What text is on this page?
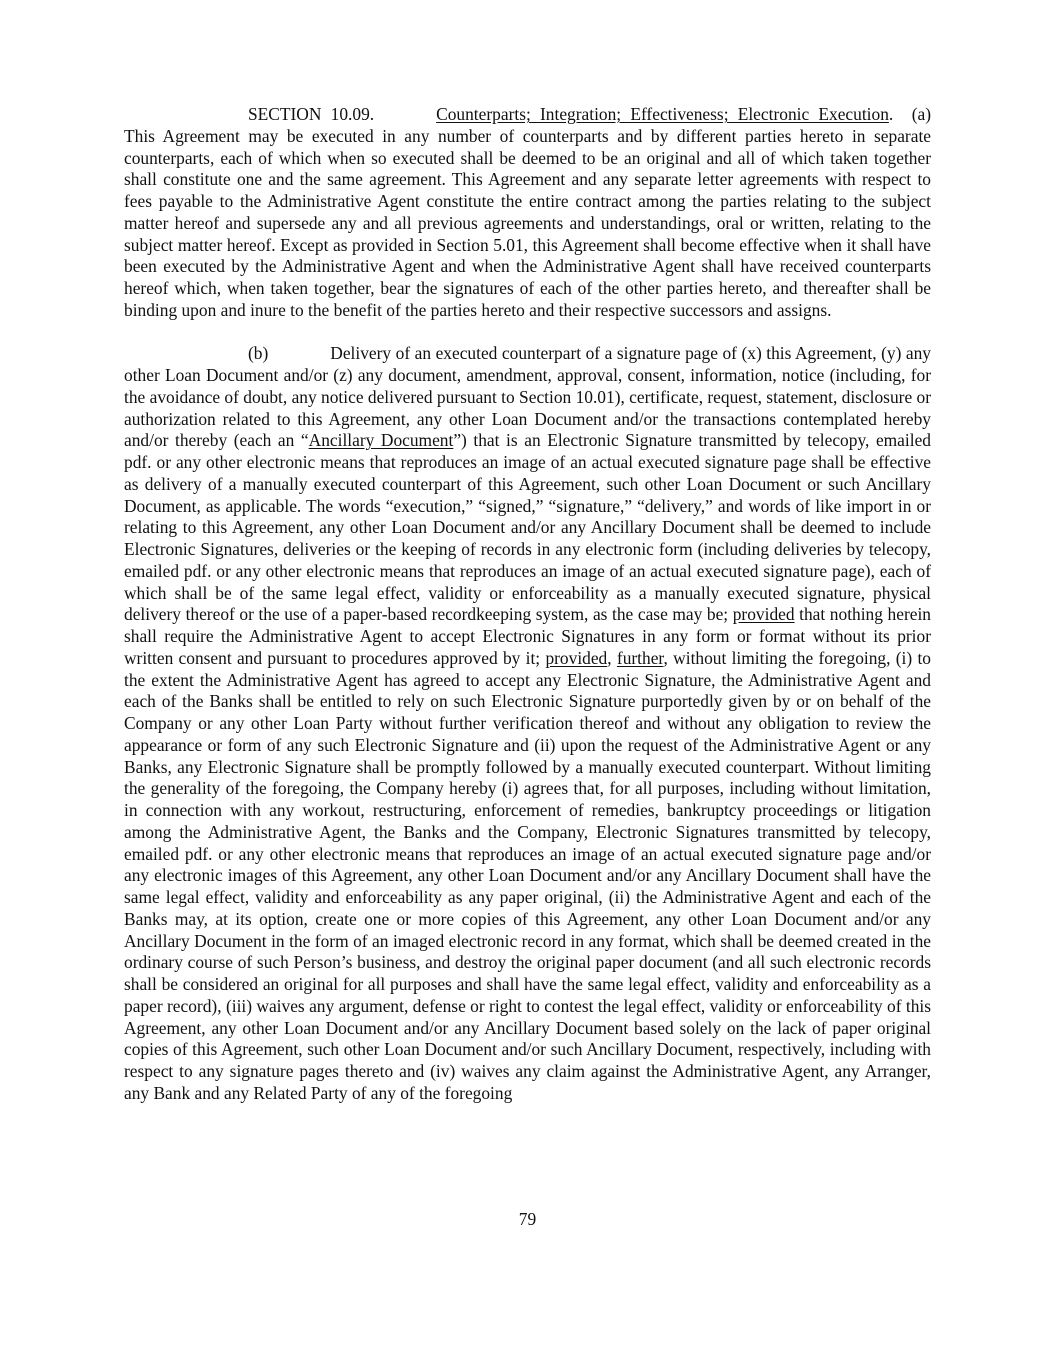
SECTION 10.09.	Counterparts; Integration; Effectiveness; Electronic Execution.  (a) This Agreement may be executed in any number of counterparts and by different parties hereto in separate counterparts, each of which when so executed shall be deemed to be an original and all of which taken together shall constitute one and the same agreement. This Agreement and any separate letter agreements with respect to fees payable to the Administrative Agent constitute the entire contract among the parties relating to the subject matter hereof and supersede any and all previous agreements and understandings, oral or written, relating to the subject matter hereof. Except as provided in Section 5.01, this Agreement shall become effective when it shall have been executed by the Administrative Agent and when the Administrative Agent shall have received counterparts hereof which, when taken together, bear the signatures of each of the other parties hereto, and thereafter shall be binding upon and inure to the benefit of the parties hereto and their respective successors and assigns.

(b)	Delivery of an executed counterpart of a signature page of (x) this Agreement, (y) any other Loan Document and/or (z) any document, amendment, approval, consent, information, notice (including, for the avoidance of doubt, any notice delivered pursuant to Section 10.01), certificate, request, statement, disclosure or authorization related to this Agreement, any other Loan Document and/or the transactions contemplated hereby and/or thereby (each an “Ancillary Document”) that is an Electronic Signature transmitted by telecopy, emailed pdf. or any other electronic means that reproduces an image of an actual executed signature page shall be effective as delivery of a manually executed counterpart of this Agreement, such other Loan Document or such Ancillary Document, as applicable. The words “execution,” “signed,” “signature,” “delivery,” and words of like import in or relating to this Agreement, any other Loan Document and/or any Ancillary Document shall be deemed to include Electronic Signatures, deliveries or the keeping of records in any electronic form (including deliveries by telecopy, emailed pdf. or any other electronic means that reproduces an image of an actual executed signature page), each of which shall be of the same legal effect, validity or enforceability as a manually executed signature, physical delivery thereof or the use of a paper-based recordkeeping system, as the case may be; provided that nothing herein shall require the Administrative Agent to accept Electronic Signatures in any form or format without its prior written consent and pursuant to procedures approved by it; provided, further, without limiting the foregoing, (i) to the extent the Administrative Agent has agreed to accept any Electronic Signature, the Administrative Agent and each of the Banks shall be entitled to rely on such Electronic Signature purportedly given by or on behalf of the Company or any other Loan Party without further verification thereof and without any obligation to review the appearance or form of any such Electronic Signature and (ii) upon the request of the Administrative Agent or any Banks, any Electronic Signature shall be promptly followed by a manually executed counterpart. Without limiting the generality of the foregoing, the Company hereby (i) agrees that, for all purposes, including without limitation, in connection with any workout, restructuring, enforcement of remedies, bankruptcy proceedings or litigation among the Administrative Agent, the Banks and the Company, Electronic Signatures transmitted by telecopy, emailed pdf. or any other electronic means that reproduces an image of an actual executed signature page and/or any electronic images of this Agreement, any other Loan Document and/or any Ancillary Document shall have the same legal effect, validity and enforceability as any paper original, (ii) the Administrative Agent and each of the Banks may, at its option, create one or more copies of this Agreement, any other Loan Document and/or any Ancillary Document in the form of an imaged electronic record in any format, which shall be deemed created in the ordinary course of such Person’s business, and destroy the original paper document (and all such electronic records shall be considered an original for all purposes and shall have the same legal effect, validity and enforceability as a paper record), (iii) waives any argument, defense or right to contest the legal effect, validity or enforceability of this Agreement, any other Loan Document and/or any Ancillary Document based solely on the lack of paper original copies of this Agreement, such other Loan Document and/or such Ancillary Document, respectively, including with respect to any signature pages thereto and (iv) waives any claim against the Administrative Agent, any Arranger, any Bank and any Related Party of any of the foregoing

79
